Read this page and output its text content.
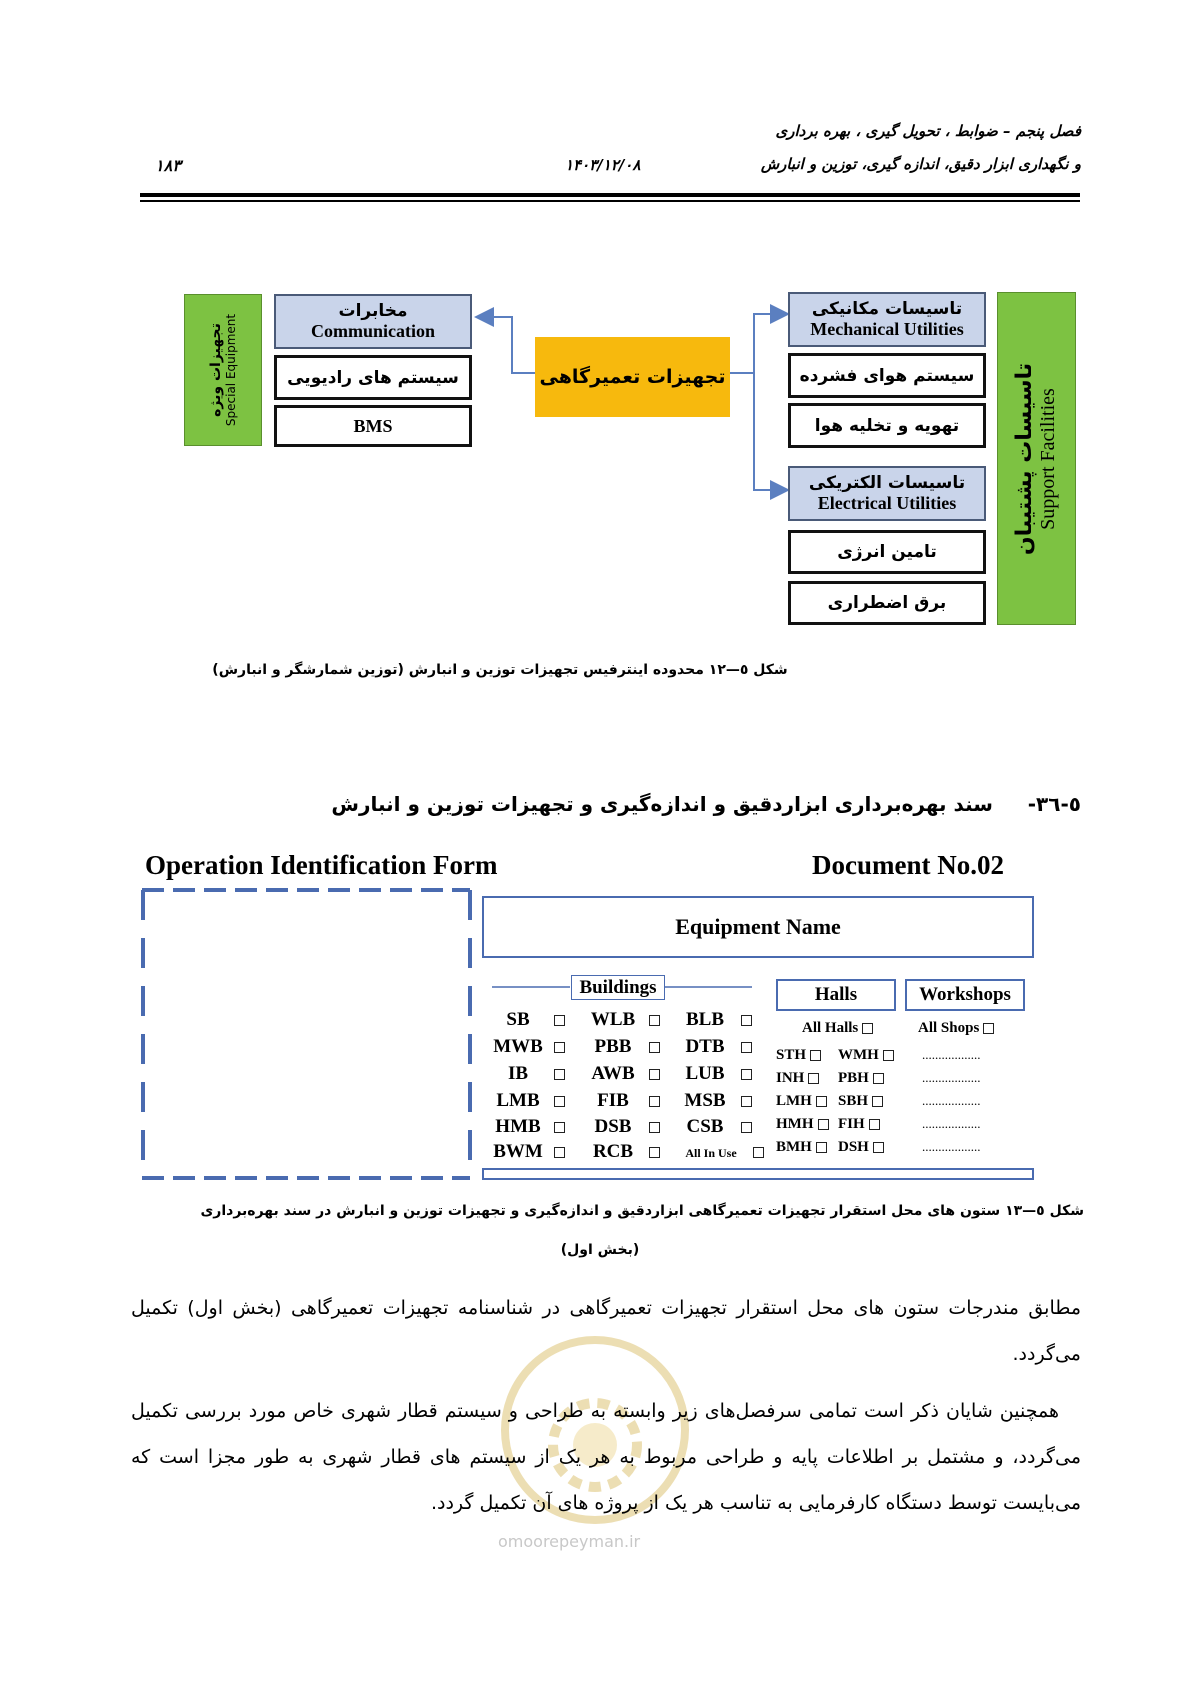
فصل پنجم – ضوابط ، تحویل گیری ، بهره برداری
و نگهداری ابزار دقیق، اندازه گیری، توزین و انبارش
۱۴۰۳/۱۲/۰۸
۱۸۳
تجهیزات ویژه Special Equipment
مخابرات
Communication
سیستم های رادیویی
BMS
تجهیزات تعمیرگاهی
تاسیسات مکانیکی
Mechanical Utilities
سیستم هوای فشرده
تهویه و تخلیه هوا
تاسیسات الکتریکی
Electrical Utilities
تامین انرژی
برق اضطراری
تاسیسات پشتیبان Support Facilities
شکل ٥—١٢ محدوده اینترفیس تجهیزات توزین و انبارش (توزین شمارشگر و انبارش)
٥-٣٦-     سند بهره‌برداری ابزاردقیق و اندازه‌گیری و تجهیزات توزین و انبارش
Operation Identification Form	Document No.02
Equipment Name
Buildings	Halls	Workshops
SB	WLB	BLB
MWB	PBB	DTB
IB	AWB	LUB
LMB	FIB	MSB
HMB	DSB	CSB
BWM	RCB	All In Use
All Halls	All Shops
STH	WMH	..................
INH	PBH	..................
LMH	SBH	..................
HMH	FIH	..................
BMH	DSH	..................
شکل ٥—١٣ ستون های محل استقرار تجهیزات تعمیرگاهی ابزاردقیق و اندازه‌گیری و تجهیزات توزین و انبارش در سند بهره‌برداری
(بخش اول)
omoorepeyman.ir
مطابق مندرجات ستون های محل استقرار تجهیزات تعمیرگاهی در شناسنامه تجهیزات تعمیرگاهی (بخش اول) تکمیل می‌گردد.
همچنین شایان ذکر است تمامی سرفصل‌های زیر وابسته به طراحی و سیستم قطار شهری خاص مورد بررسی تکمیل می‌گردد، و مشتمل بر اطلاعات پایه و طراحی مربوط به هر یک از سیستم های قطار شهری به طور مجزا است که می‌بایست توسط دستگاه کارفرمایی به تناسب هر یک از پروژه های آن تکمیل گردد.
